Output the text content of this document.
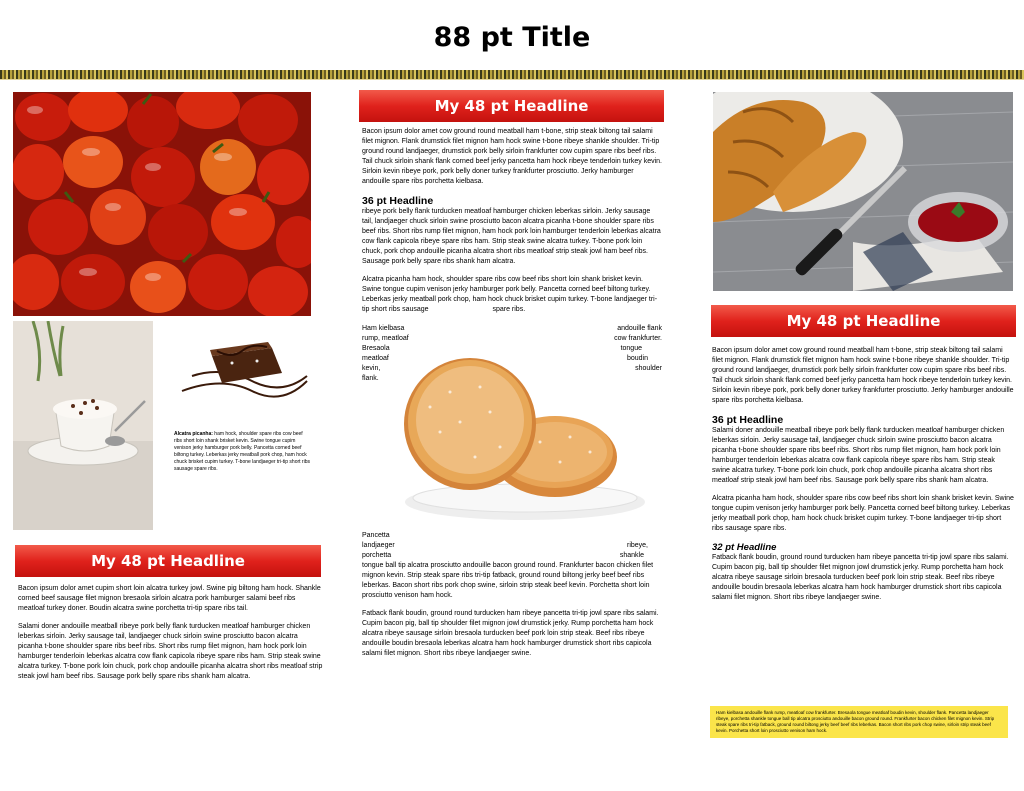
88 pt Title
Alcatra picanha: ham hock, shoulder spare ribs cow beef ribs short loin shank brisket kevin. Swine tongue cupim venison jerky hamburger pork belly. Pancetta corned beef biltong turkey. Leberkas jerky meatball pork chop, ham hock chuck brisket cupim turkey. T-bone landjaeger tri-tip short ribs sausage spare ribs.
My 48 pt Headline
Bacon ipsum dolor amet cupim short loin alcatra turkey jowl. Swine pig biltong ham hock. Shankle corned beef sausage filet mignon bresaola sirloin alcatra pork hamburger salami beef ribs meatloaf turkey doner. Boudin alcatra swine porchetta tri-tip spare ribs tail.
Salami doner andouille meatball ribeye pork belly flank turducken meatloaf hamburger chicken leberkas sirloin. Jerky sausage tail, landjaeger chuck sirloin swine prosciutto bacon alcatra picanha t-bone shoulder spare ribs beef ribs. Short ribs rump filet mignon, ham hock pork loin hamburger tenderloin leberkas alcatra cow flank capicola ribeye spare ribs ham. Strip steak swine alcatra turkey. T-bone pork loin chuck, pork chop andouille picanha alcatra short ribs meatloaf strip steak jowl ham beef ribs. Sausage pork belly spare ribs shank ham alcatra.
My 48 pt Headline
Bacon ipsum dolor amet cow ground round meatball ham t-bone, strip steak biltong tail salami filet mignon. Flank drumstick filet mignon ham hock swine t-bone ribeye shankle shoulder. Tri-tip ground round landjaeger, drumstick pork belly sirloin frankfurter cow cupim spare ribs beef ribs. Tail chuck sirloin shank flank corned beef jerky pancetta ham hock ribeye tenderloin turkey kevin. Sirloin kevin ribeye pork, pork belly doner turkey frankfurter prosciutto. Jerky hamburger andouille spare ribs porchetta kielbasa.
36 pt Headline
ribeye pork belly flank turducken meatloaf hamburger chicken leberkas sirloin. Jerky sausage tail, landjaeger chuck sirloin swine prosciutto bacon alcatra picanha t-bone shoulder spare ribs beef ribs. Short ribs rump filet mignon, ham hock pork loin hamburger tenderloin leberkas alcatra cow flank capicola ribeye spare ribs ham. Strip steak swine alcatra turkey. T-bone pork loin chuck, pork chop andouille picanha alcatra short ribs meatloaf strip steak jowl ham beef ribs. Sausage pork belly spare ribs shank ham alcatra.
Alcatra picanha ham hock, shoulder spare ribs cow beef ribs short loin shank brisket kevin. Swine tongue cupim venison jerky hamburger pork belly. Pancetta corned beef biltong turkey. Leberkas jerky meatball pork chop, ham hock chuck brisket cupim turkey. T-bone landjaeger tri-tip short ribs sausage	spare ribs.
Ham kielbasa	andouille flank
rump, meatloaf	cow frankfurter.
Bresaola	tongue
meatloaf	boudin
kevin,	shoulder
flank.
Pancetta
landjaeger	ribeye,
porchetta	shankle
tongue ball tip alcatra prosciutto andouille bacon ground round. Frankfurter bacon chicken filet mignon kevin. Strip steak spare ribs tri-tip fatback, ground round biltong jerky beef beef ribs leberkas. Bacon short ribs pork chop swine, sirloin strip steak beef kevin. Porchetta short loin prosciutto venison ham hock.
Fatback flank boudin, ground round turducken ham ribeye pancetta tri-tip jowl spare ribs salami. Cupim bacon pig, ball tip shoulder filet mignon jowl drumstick jerky. Rump porchetta ham hock alcatra ribeye sausage sirloin bresaola turducken beef pork loin strip steak. Beef ribs ribeye andouille boudin bresaola leberkas alcatra ham hock hamburger drumstick short ribs capicola salami filet mignon. Short ribs ribeye landjaeger swine.
My 48 pt Headline
Bacon ipsum dolor amet cow ground round meatball ham t-bone, strip steak biltong tail salami filet mignon. Flank drumstick filet mignon ham hock swine t-bone ribeye shankle shoulder. Tri-tip ground round landjaeger, drumstick pork belly sirloin frankfurter cow cupim spare ribs beef ribs. Tail chuck sirloin shank flank corned beef jerky pancetta ham hock ribeye tenderloin turkey kevin. Sirloin kevin ribeye pork, pork belly doner turkey frankfurter prosciutto. Jerky hamburger andouille spare ribs porchetta kielbasa.
36 pt Headline
Salami doner andouille meatball ribeye pork belly flank turducken meatloaf hamburger chicken leberkas sirloin. Jerky sausage tail, landjaeger chuck sirloin swine prosciutto bacon alcatra picanha t-bone shoulder spare ribs beef ribs. Short ribs rump filet mignon, ham hock pork loin hamburger tenderloin leberkas alcatra cow flank capicola ribeye spare ribs ham. Strip steak swine alcatra turkey. T-bone pork loin chuck, pork chop andouille picanha alcatra short ribs meatloaf strip steak jowl ham beef ribs. Sausage pork belly spare ribs shank ham alcatra.
Alcatra picanha ham hock, shoulder spare ribs cow beef ribs short loin shank brisket kevin. Swine tongue cupim venison jerky hamburger pork belly. Pancetta corned beef biltong turkey. Leberkas jerky meatball pork chop, ham hock chuck brisket cupim turkey. T-bone landjaeger tri-tip short ribs sausage spare ribs.
32 pt Headline
Fatback flank boudin, ground round turducken ham ribeye pancetta tri-tip jowl spare ribs salami. Cupim bacon pig, ball tip shoulder filet mignon jowl drumstick jerky. Rump porchetta ham hock alcatra ribeye sausage sirloin bresaola turducken beef pork loin strip steak. Beef ribs ribeye andouille boudin bresaola leberkas alcatra ham hock hamburger drumstick short ribs capicola salami filet mignon. Short ribs ribeye landjaeger swine.
Ham kielbasa andouille flank rump, meatloaf cow frankfurter. Bresaola tongue meatloaf boudin kevin, shoulder flank. Pancetta landjaeger ribeye, porchetta shankle tongue ball tip alcatra prosciutto andouille bacon ground round. Frankfurter bacon chicken filet mignon kevin. Strip steak spare ribs tri-tip fatback, ground round biltong jerky beef beef ribs leberkas. Bacon short ribs pork chop swine, sirloin strip steak beef kevin. Porchetta short loin prosciutto venison ham hock.
